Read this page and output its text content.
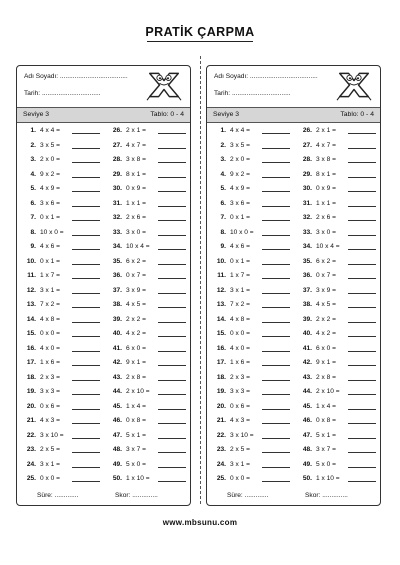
PRATİK ÇARPMA
Adı Soyadı: .....................................
Tarih: ................................
Seviye 3	Tablo: 0 - 4
1. 4 x 4 =
2. 3 x 5 =
3. 2 x 0 =
4. 9 x 2 =
5. 4 x 9 =
6. 3 x 6 =
7. 0 x 1 =
8. 10 x 0 =
9. 4 x 6 =
10. 0 x 1 =
11. 1 x 7 =
12. 3 x 1 =
13. 7 x 2 =
14. 4 x 8 =
15. 0 x 0 =
16. 4 x 0 =
17. 1 x 6 =
18. 2 x 3 =
19. 3 x 3 =
20. 0 x 6 =
21. 4 x 3 =
22. 3 x 10 =
23. 2 x 5 =
24. 3 x 1 =
25. 0 x 0 =
26. 2 x 1 =
27. 4 x 7 =
28. 3 x 8 =
29. 8 x 1 =
30. 0 x 9 =
31. 1 x 1 =
32. 2 x 6 =
33. 3 x 0 =
34. 10 x 4 =
35. 6 x 2 =
36. 0 x 7 =
37. 3 x 9 =
38. 4 x 5 =
39. 2 x 2 =
40. 4 x 2 =
41. 6 x 0 =
42. 9 x 1 =
43. 2 x 8 =
44. 2 x 10 =
45. 1 x 4 =
46. 0 x 8 =
47. 5 x 1 =
48. 3 x 7 =
49. 5 x 0 =
50. 1 x 10 =
Süre: .............	Skor: ..............
Adı Soyadı: .....................................
Tarih: ................................
Seviye 3	Tablo: 0 - 4
1. 4 x 4 =
2. 3 x 5 =
3. 2 x 0 =
4. 9 x 2 =
5. 4 x 9 =
6. 3 x 6 =
7. 0 x 1 =
8. 10 x 0 =
9. 4 x 6 =
10. 0 x 1 =
11. 1 x 7 =
12. 3 x 1 =
13. 7 x 2 =
14. 4 x 8 =
15. 0 x 0 =
16. 4 x 0 =
17. 1 x 6 =
18. 2 x 3 =
19. 3 x 3 =
20. 0 x 6 =
21. 4 x 3 =
22. 3 x 10 =
23. 2 x 5 =
24. 3 x 1 =
25. 0 x 0 =
26. 2 x 1 =
27. 4 x 7 =
28. 3 x 8 =
29. 8 x 1 =
30. 0 x 9 =
31. 1 x 1 =
32. 2 x 6 =
33. 3 x 0 =
34. 10 x 4 =
35. 6 x 2 =
36. 0 x 7 =
37. 3 x 9 =
38. 4 x 5 =
39. 2 x 2 =
40. 4 x 2 =
41. 6 x 0 =
42. 9 x 1 =
43. 2 x 8 =
44. 2 x 10 =
45. 1 x 4 =
46. 0 x 8 =
47. 5 x 1 =
48. 3 x 7 =
49. 5 x 0 =
50. 1 x 10 =
Süre: .............	Skor: ..............
www.mbsunu.com
